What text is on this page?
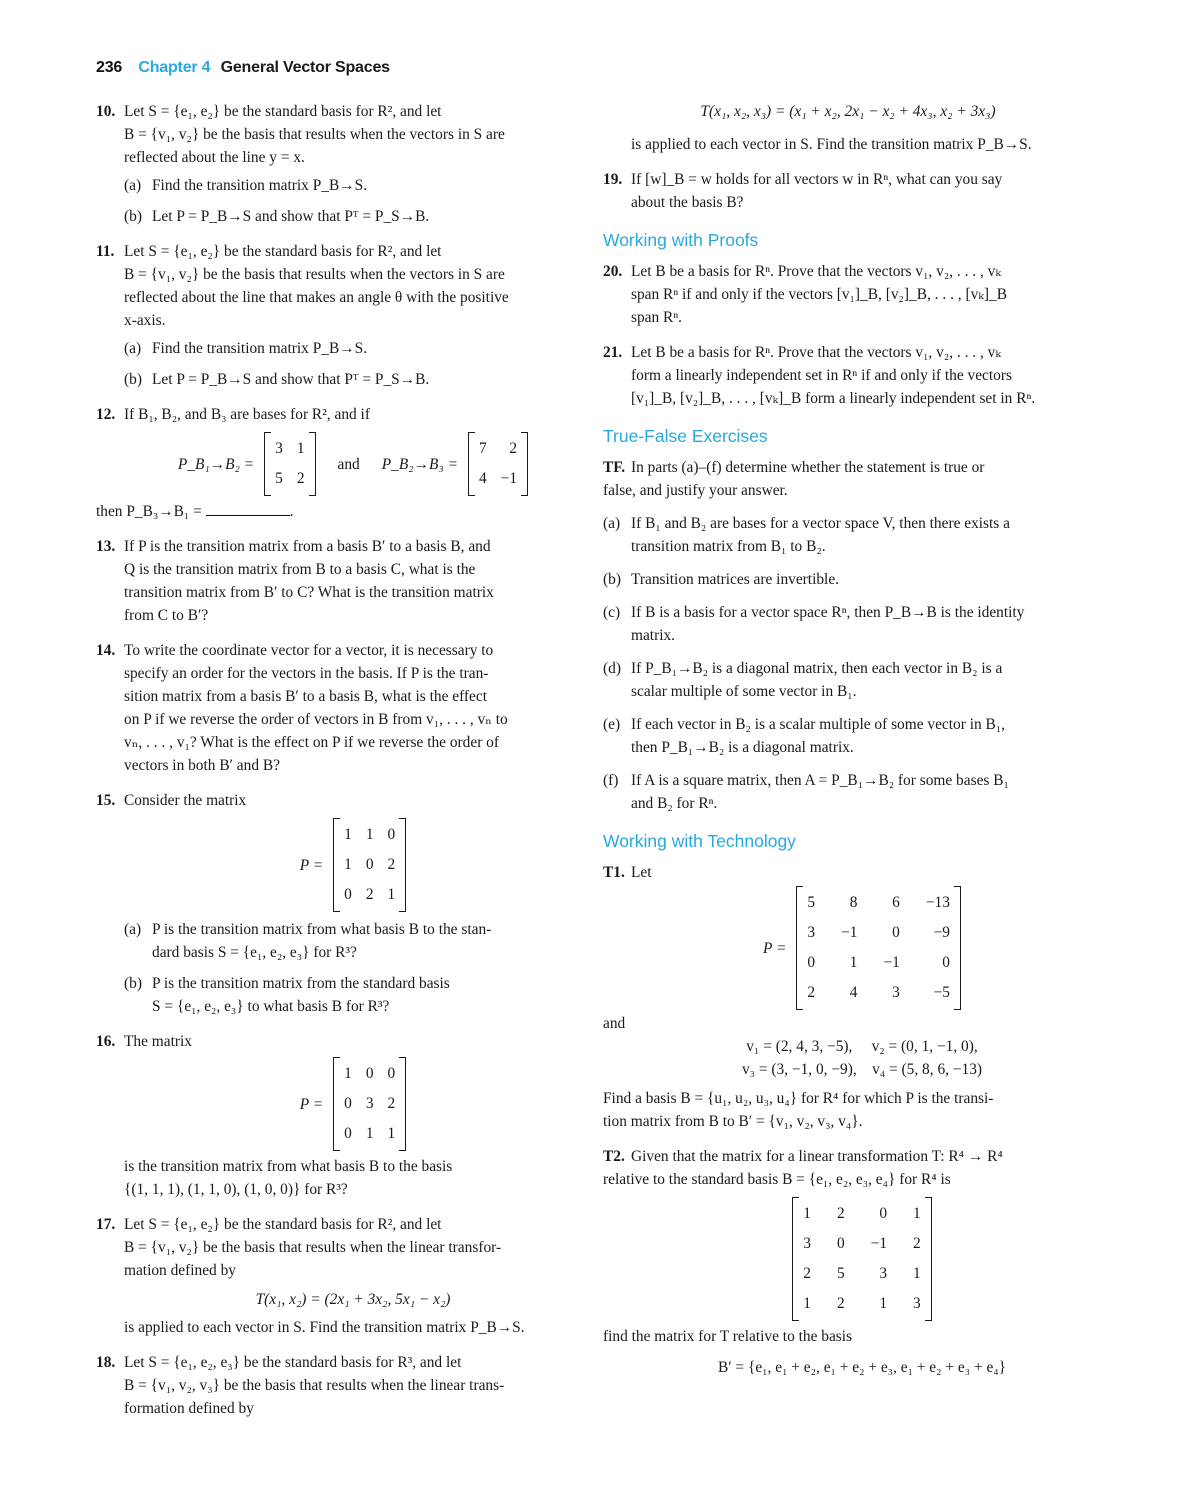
236 Chapter 4 General Vector Spaces
10. Let S = {e₁, e₂} be the standard basis for R², and let
B = {v₁, v₂} be the basis that results when the vectors in S are
reflected about the line y = x.
(a) Find the transition matrix P_B→S.
(b) Let P = P_B→S and show that Pᵀ = P_S→B.
11. Let S = {e₁, e₂} be the standard basis for R², and let
B = {v₁, v₂} be the basis that results when the vectors in S are
reflected about the line that makes an angle θ with the positive
x-axis.
(a) Find the transition matrix P_B→S.
(b) Let P = P_B→S and show that Pᵀ = P_S→B.
12. If B₁, B₂, and B₃ are bases for R², and if
P_B₁→B₂ =
3 1
5 2
and P_B₂→B₃ =
7	2
4 −1
then P_B₃→B₁ =	.
13. If P is the transition matrix from a basis B′ to a basis B, and
Q is the transition matrix from B to a basis C, what is the
transition matrix from B′ to C? What is the transition matrix
from C to B′?
14. To write the coordinate vector for a vector, it is necessary to
specify an order for the vectors in the basis. If P is the tran-
sition matrix from a basis B′ to a basis B, what is the effect
on P if we reverse the order of vectors in B from v₁, . . . , vₙ to
vₙ, . . . , v₁? What is the effect on P if we reverse the order of
vectors in both B′ and B?
15. Consider the matrix
P =
1 1 0
1 0 2
0 2 1
(a) P is the transition matrix from what basis B to the stan-
dard basis S = {e₁, e₂, e₃} for R³?
(b) P is the transition matrix from the standard basis
S = {e₁, e₂, e₃} to what basis B for R³?
16. The matrix
P =
1 0 0
0 3 2
0 1 1
is the transition matrix from what basis B to the basis
{(1, 1, 1), (1, 1, 0), (1, 0, 0)} for R³?
17. Let S = {e₁, e₂} be the standard basis for R², and let
B = {v₁, v₂} be the basis that results when the linear transfor-
mation defined by
T(x₁, x₂) = (2x₁ + 3x₂, 5x₁ − x₂)
is applied to each vector in S. Find the transition matrix P_B→S.
18. Let S = {e₁, e₂, e₃} be the standard basis for R³, and let
B = {v₁, v₂, v₃} be the basis that results when the linear trans-
formation defined by
T(x₁, x₂, x₃) = (x₁ + x₂, 2x₁ − x₂ + 4x₃, x₂ + 3x₃)
is applied to each vector in S. Find the transition matrix P_B→S.
19. If [w]_B = w holds for all vectors w in Rⁿ, what can you say
about the basis B?
Working with Proofs
20. Let B be a basis for Rⁿ. Prove that the vectors v₁, v₂, . . . , vₖ
span Rⁿ if and only if the vectors [v₁]_B, [v₂]_B, . . . , [vₖ]_B
span Rⁿ.
21. Let B be a basis for Rⁿ. Prove that the vectors v₁, v₂, . . . , vₖ
form a linearly independent set in Rⁿ if and only if the vectors
[v₁]_B, [v₂]_B, . . . , [vₖ]_B form a linearly independent set in Rⁿ.
True-False Exercises
TF. In parts (a)–(f) determine whether the statement is true or
false, and justify your answer.
(a) If B₁ and B₂ are bases for a vector space V, then there exists a
transition matrix from B₁ to B₂.
(b) Transition matrices are invertible.
(c) If B is a basis for a vector space Rⁿ, then P_B→B is the identity
matrix.
(d) If P_B₁→B₂ is a diagonal matrix, then each vector in B₂ is a
scalar multiple of some vector in B₁.
(e) If each vector in B₂ is a scalar multiple of some vector in B₁,
then P_B₁→B₂ is a diagonal matrix.
(f) If A is a square matrix, then A = P_B₁→B₂ for some bases B₁
and B₂ for Rⁿ.
Working with Technology
T1. Let
P =
5	8	6 −13
3 −1	0	−9
0	1 −1	0
2	4	3	−5
and
v₁ = (2, 4, 3, −5),     v₂ = (0, 1, −1, 0),
v₃ = (3, −1, 0, −9),    v₄ = (5, 8, 6, −13)
Find a basis B = {u₁, u₂, u₃, u₄} for R⁴ for which P is the transi-
tion matrix from B to B′ = {v₁, v₂, v₃, v₄}.
T2. Given that the matrix for a linear transformation T: R⁴ → R⁴
relative to the standard basis B = {e₁, e₂, e₃, e₄} for R⁴ is
1 2	0 1
3 0 −1 2
2 5	3 1
1 2	1 3
find the matrix for T relative to the basis
B′ = {e₁, e₁ + e₂, e₁ + e₂ + e₃, e₁ + e₂ + e₃ + e₄}
